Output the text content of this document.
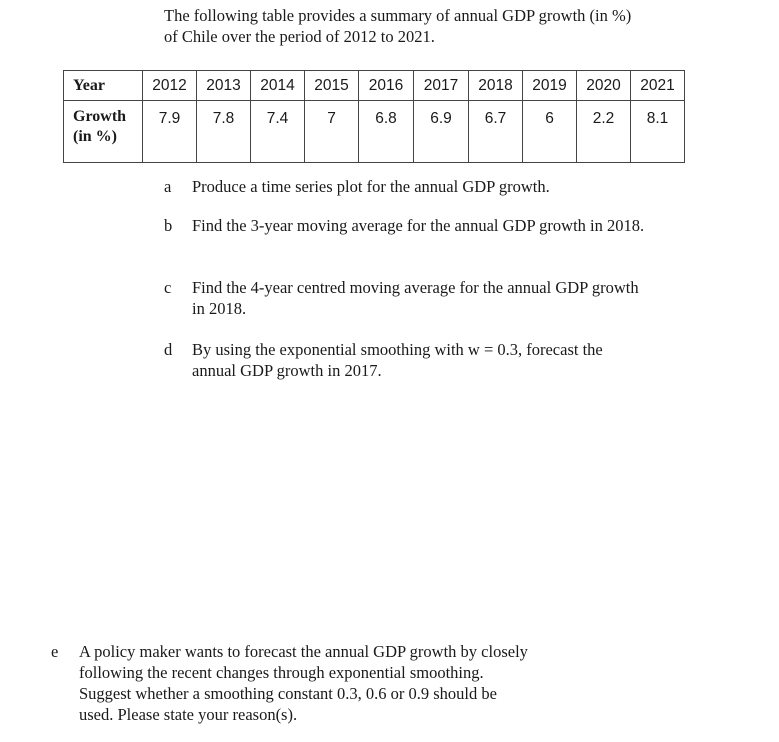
The following table provides a summary of annual GDP growth (in %)
of Chile over the period of 2012 to 2021.
Year	2012	2013	2014	2015	2016	2017	2018	2019	2020	2021

Growth
(in %)	7.9	7.8	7.4	7	6.8	6.9	6.7	6	2.2	8.1
a	Produce a time series plot for the annual GDP growth.
b	Find the 3-year moving average for the annual GDP growth in 2018.
c	Find the 4-year centred moving average for the annual GDP growth
in 2018.
d	By using the exponential smoothing with w = 0.3, forecast the
annual GDP growth in 2017.
e	A policy maker wants to forecast the annual GDP growth by closely
following the recent changes through exponential smoothing.
Suggest whether a smoothing constant 0.3, 0.6 or 0.9 should be
used. Please state your reason(s).
